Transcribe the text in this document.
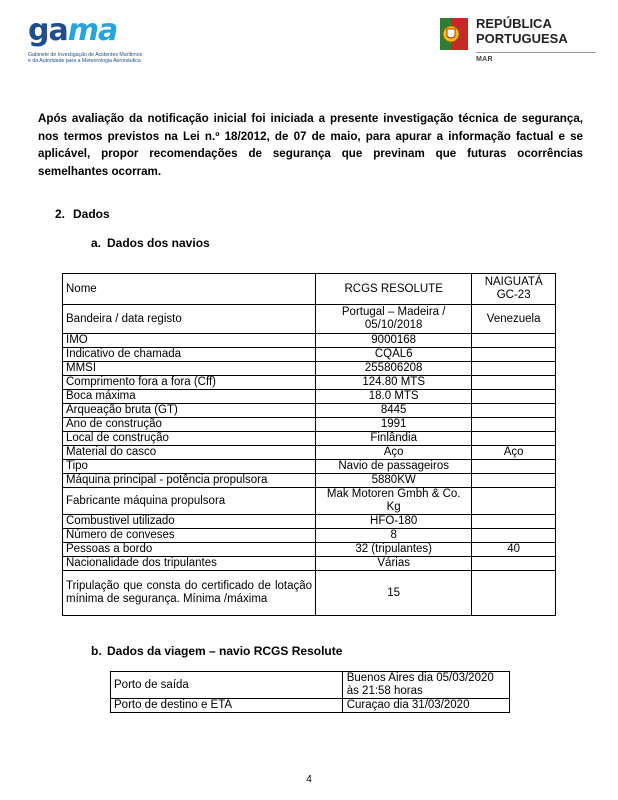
gama
Gabinete de Investigação de Acidentes Marítimos
e da Autoridade para a Meteorologia Aeronáutica
REPÚBLICA
PORTUGUESA
MAR
Após avaliação da notificação inicial foi iniciada a presente investigação técnica de segurança, nos termos previstos na Lei n.º 18/2012, de 07 de maio, para apurar a informação factual e se aplicável, propor recomendações de segurança que previnam que futuras ocorrências semelhantes ocorram.
2. Dados
a. Dados dos navios
Nome	RCGS RESOLUTE	NAIGUATÁ GC-23
Bandeira / data registo	Portugal – Madeira / 05/10/2018	Venezuela
IMO	9000168	
Indicativo de chamada	CQAL6	
MMSI	255806208	
Comprimento fora a fora (Cff)	124.80 MTS	
Boca máxima	18.0 MTS	
Arqueação bruta (GT)	8445	
Ano de construção	1991	
Local de construção	Finlândia	
Material do casco	Aço	Aço
Tipo	Navio de passageiros	
Máquina principal - potência propulsora	5880KW	
Fabricante máquina propulsora	Mak Motoren Gmbh & Co. Kg	
Combustivel utilizado	HFO-180	
Número de conveses	8	
Pessoas a bordo	32 (tripulantes)	40
Nacionalidade dos tripulantes	Várias	
Tripulação que consta do certificado de lotação mínima de segurança. Mínima /máxima	15	
b. Dados da viagem – navio RCGS Resolute
Porto de saída	Buenos Aires dia 05/03/2020 às 21:58 horas
Porto de destino e ETA	Curaçao dia 31/03/2020
4
